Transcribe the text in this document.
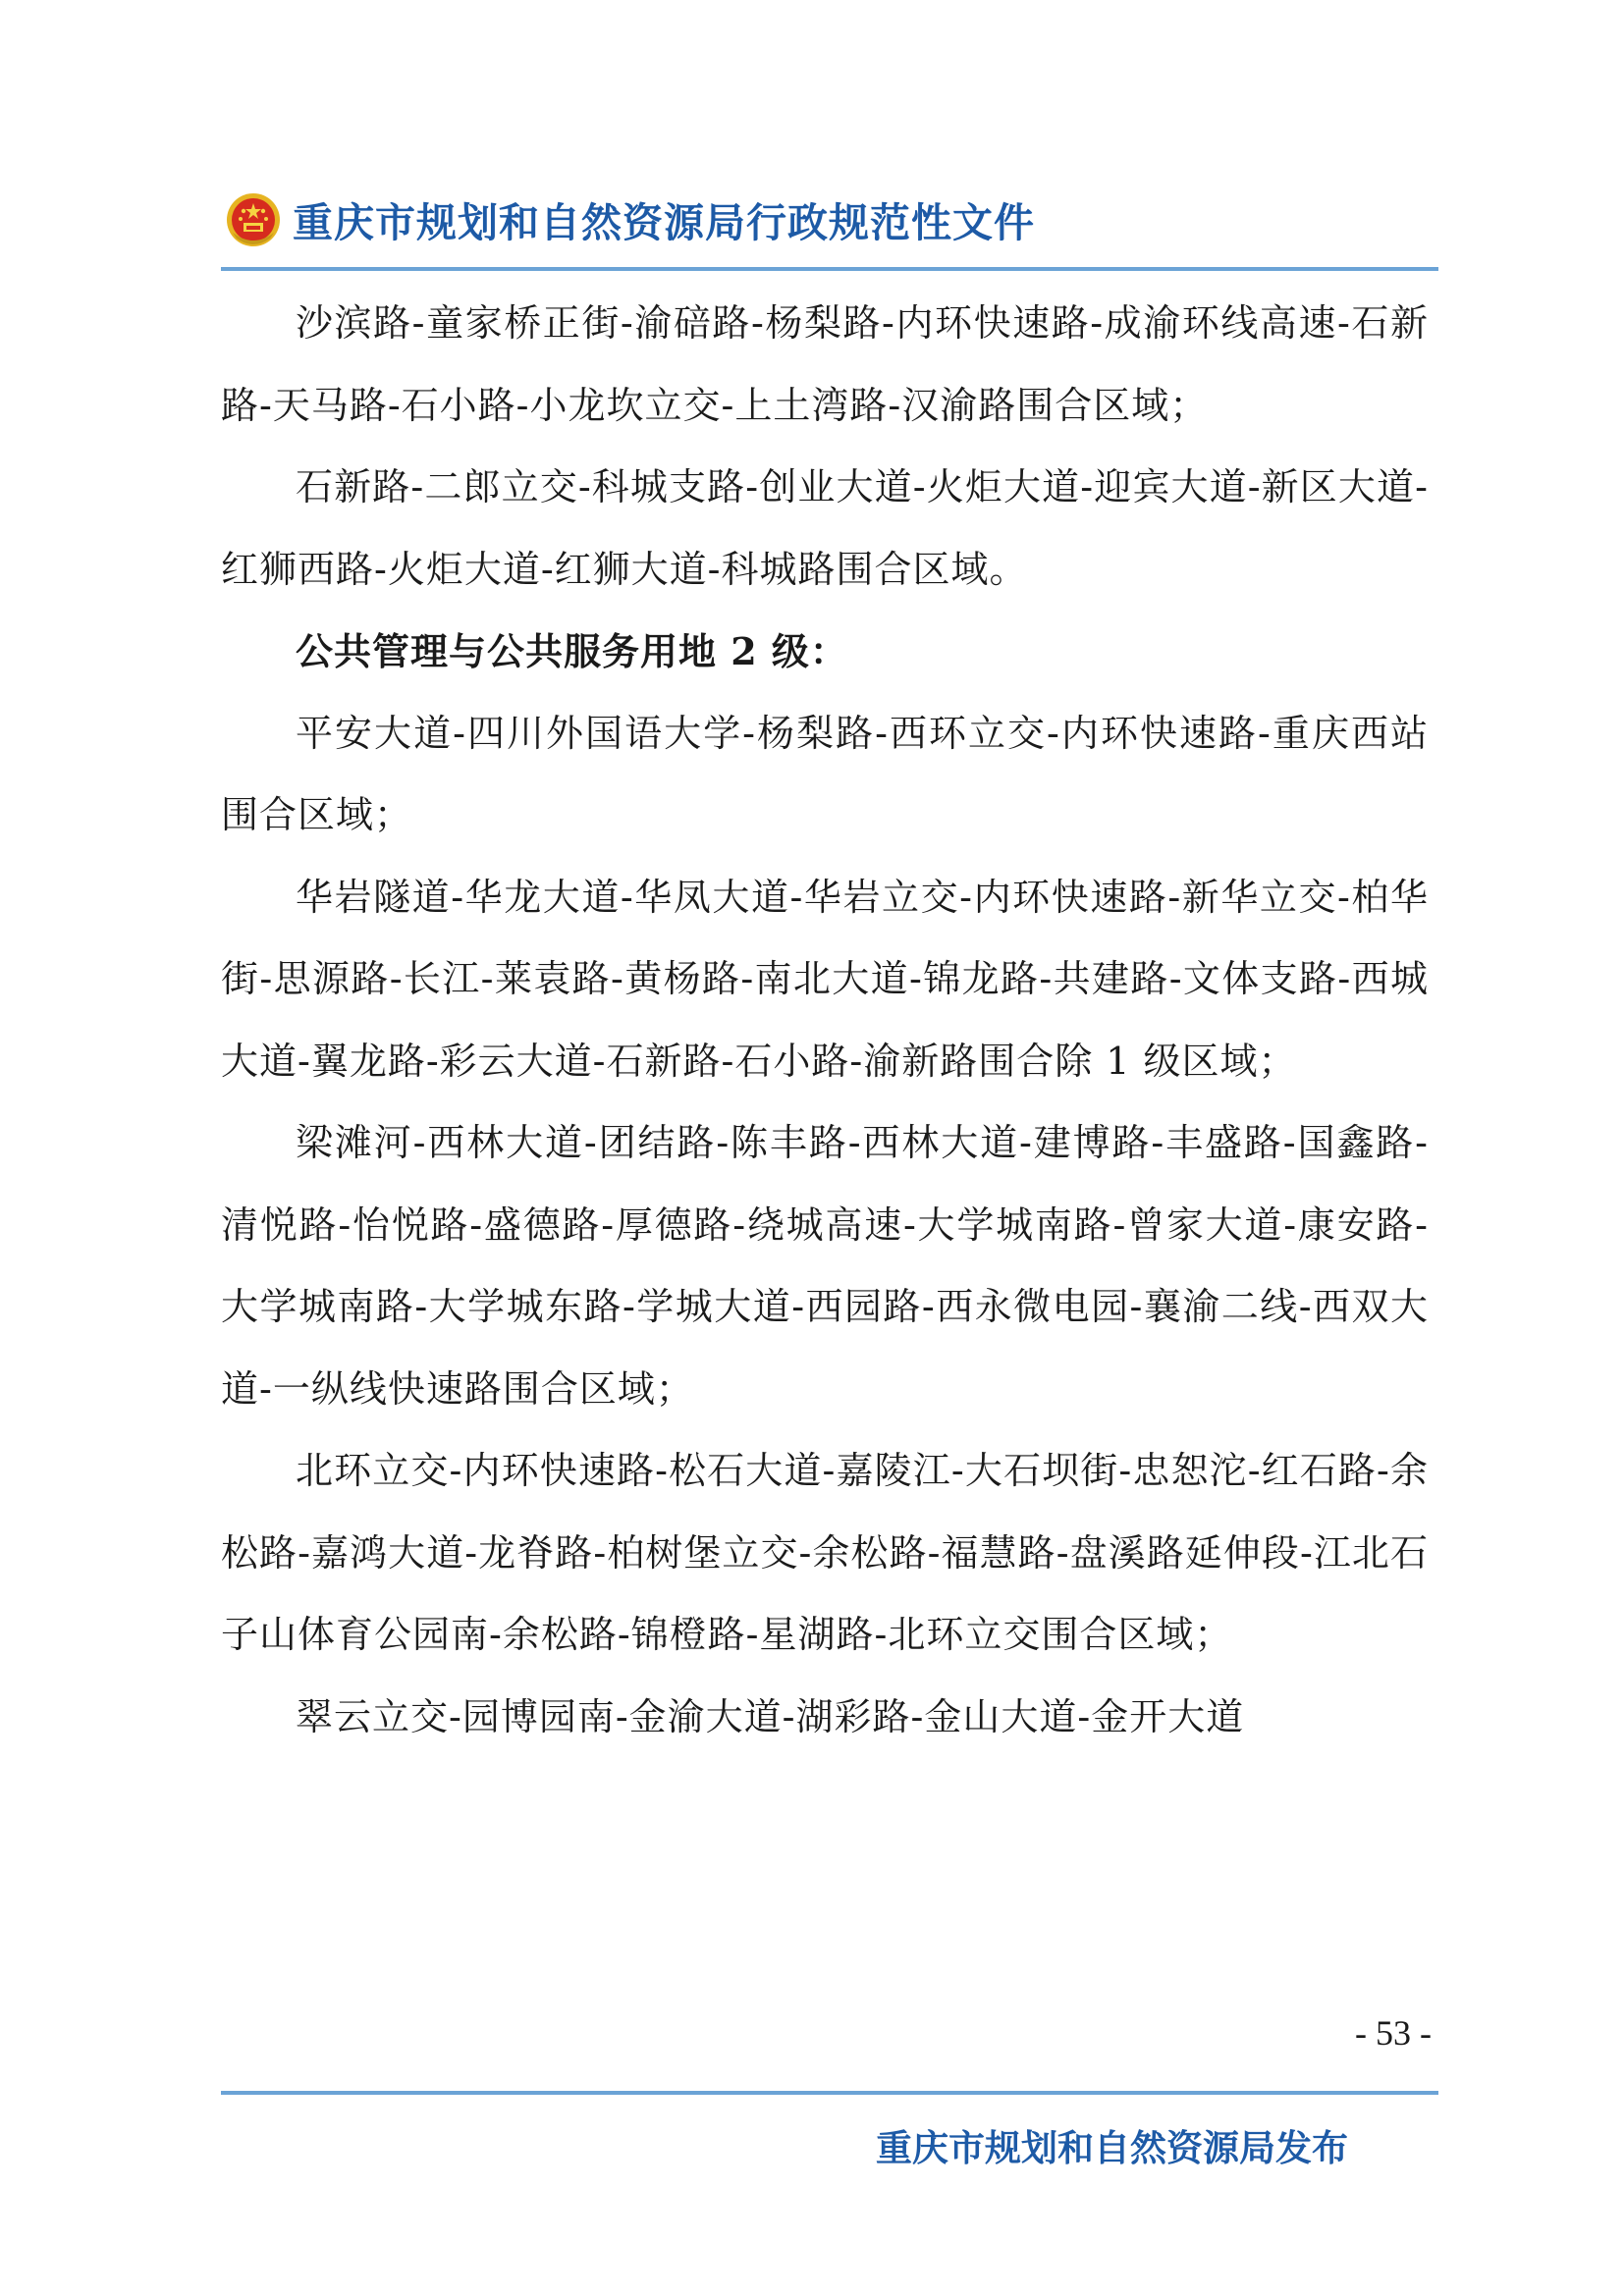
重庆市规划和自然资源局行政规范性文件

沙滨路-童家桥正街-渝碚路-杨梨路-内环快速路-成渝环线高速-石新路-天马路-石小路-小龙坎立交-上土湾路-汉渝路围合区域；

石新路-二郎立交-科城支路-创业大道-火炬大道-迎宾大道-新区大道-红狮西路-火炬大道-红狮大道-科城路围合区域。

公共管理与公共服务用地 2 级：

平安大道-四川外国语大学-杨梨路-西环立交-内环快速路-重庆西站围合区域；

华岩隧道-华龙大道-华凤大道-华岩立交-内环快速路-新华立交-柏华街-思源路-长江-莱袁路-黄杨路-南北大道-锦龙路-共建路-文体支路-西城大道-翼龙路-彩云大道-石新路-石小路-渝新路围合除 1 级区域；

梁滩河-西林大道-团结路-陈丰路-西林大道-建博路-丰盛路-国鑫路-清悦路-怡悦路-盛德路-厚德路-绕城高速-大学城南路-曾家大道-康安路-大学城南路-大学城东路-学城大道-西园路-西永微电园-襄渝二线-西双大道-一纵线快速路围合区域；

北环立交-内环快速路-松石大道-嘉陵江-大石坝街-忠恕沱-红石路-余松路-嘉鸿大道-龙脊路-柏树堡立交-余松路-福慧路-盘溪路延伸段-江北石子山体育公园南-余松路-锦橙路-星湖路-北环立交围合区域；

翠云立交-园博园南-金渝大道-湖彩路-金山大道-金开大道

- 53 -
重庆市规划和自然资源局发布
